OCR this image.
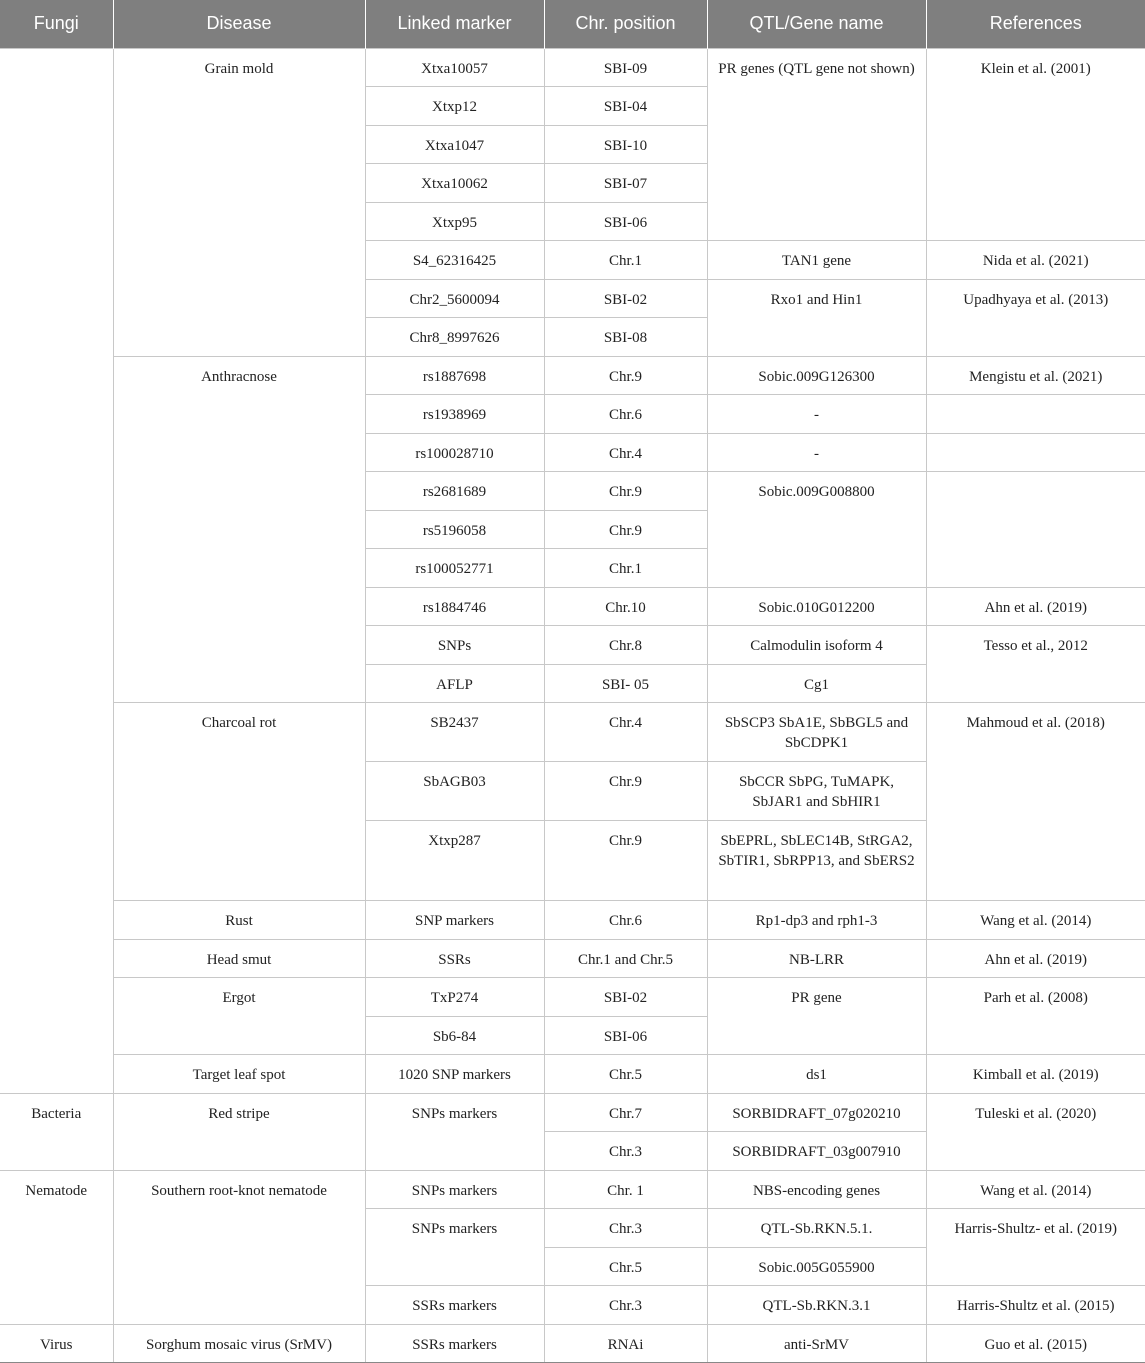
Fungi	Disease	Linked marker	Chr. position	QTL/Gene name	References
	Grain mold	Xtxa10057	SBI-09	PR genes (QTL gene not shown)	Klein et al. (2001)
		Xtxp12	SBI-04		
		Xtxa1047	SBI-10		
		Xtxa10062	SBI-07		
		Xtxp95	SBI-06		
		S4_62316425	Chr.1	TAN1 gene	Nida et al. (2021)
		Chr2_5600094	SBI-02	Rxo1 and Hin1	Upadhyaya et al. (2013)
		Chr8_8997626	SBI-08		
	Anthracnose	rs1887698	Chr.9	Sobic.009G126300	Mengistu et al. (2021)
		rs1938969	Chr.6	-	
		rs100028710	Chr.4	-	
		rs2681689	Chr.9	Sobic.009G008800	
		rs5196058	Chr.9		
		rs100052771	Chr.1		
		rs1884746	Chr.10	Sobic.010G012200	Ahn et al. (2019)
		SNPs	Chr.8	Calmodulin isoform 4	Tesso et al., 2012
		AFLP	SBI- 05	Cg1	
	Charcoal rot	SB2437	Chr.4	SbSCP3 SbA1E, SbBGL5 and SbCDPK1	Mahmoud et al. (2018)
		SbAGB03	Chr.9	SbCCR SbPG, TuMAPK, SbJAR1 and SbHIR1	
		Xtxp287	Chr.9	SbEPRL, SbLEC14B, StRGA2, SbTIR1, SbRPP13, and SbERS2	
	Rust	SNP markers	Chr.6	Rp1-dp3 and rph1-3	Wang et al. (2014)
	Head smut	SSRs	Chr.1 and Chr.5	NB-LRR	Ahn et al. (2019)
	Ergot	TxP274	SBI-02	PR gene	Parh et al. (2008)
		Sb6-84	SBI-06		
	Target leaf spot	1020 SNP markers	Chr.5	ds1	Kimball et al. (2019)
Bacteria	Red stripe	SNPs markers	Chr.7	SORBIDRAFT_07g020210	Tuleski et al. (2020)
			Chr.3	SORBIDRAFT_03g007910	
Nematode	Southern root-knot nematode	SNPs markers	Chr. 1	NBS-encoding genes	Wang et al. (2014)
		SNPs markers	Chr.3	QTL-Sb.RKN.5.1.	Harris-Shultz- et al. (2019)
			Chr.5	Sobic.005G055900	
		SSRs markers	Chr.3	QTL-Sb.RKN.3.1	Harris-Shultz et al. (2015)
Virus	Sorghum mosaic virus (SrMV)	SSRs markers	RNAi	anti-SrMV	Guo et al. (2015)
